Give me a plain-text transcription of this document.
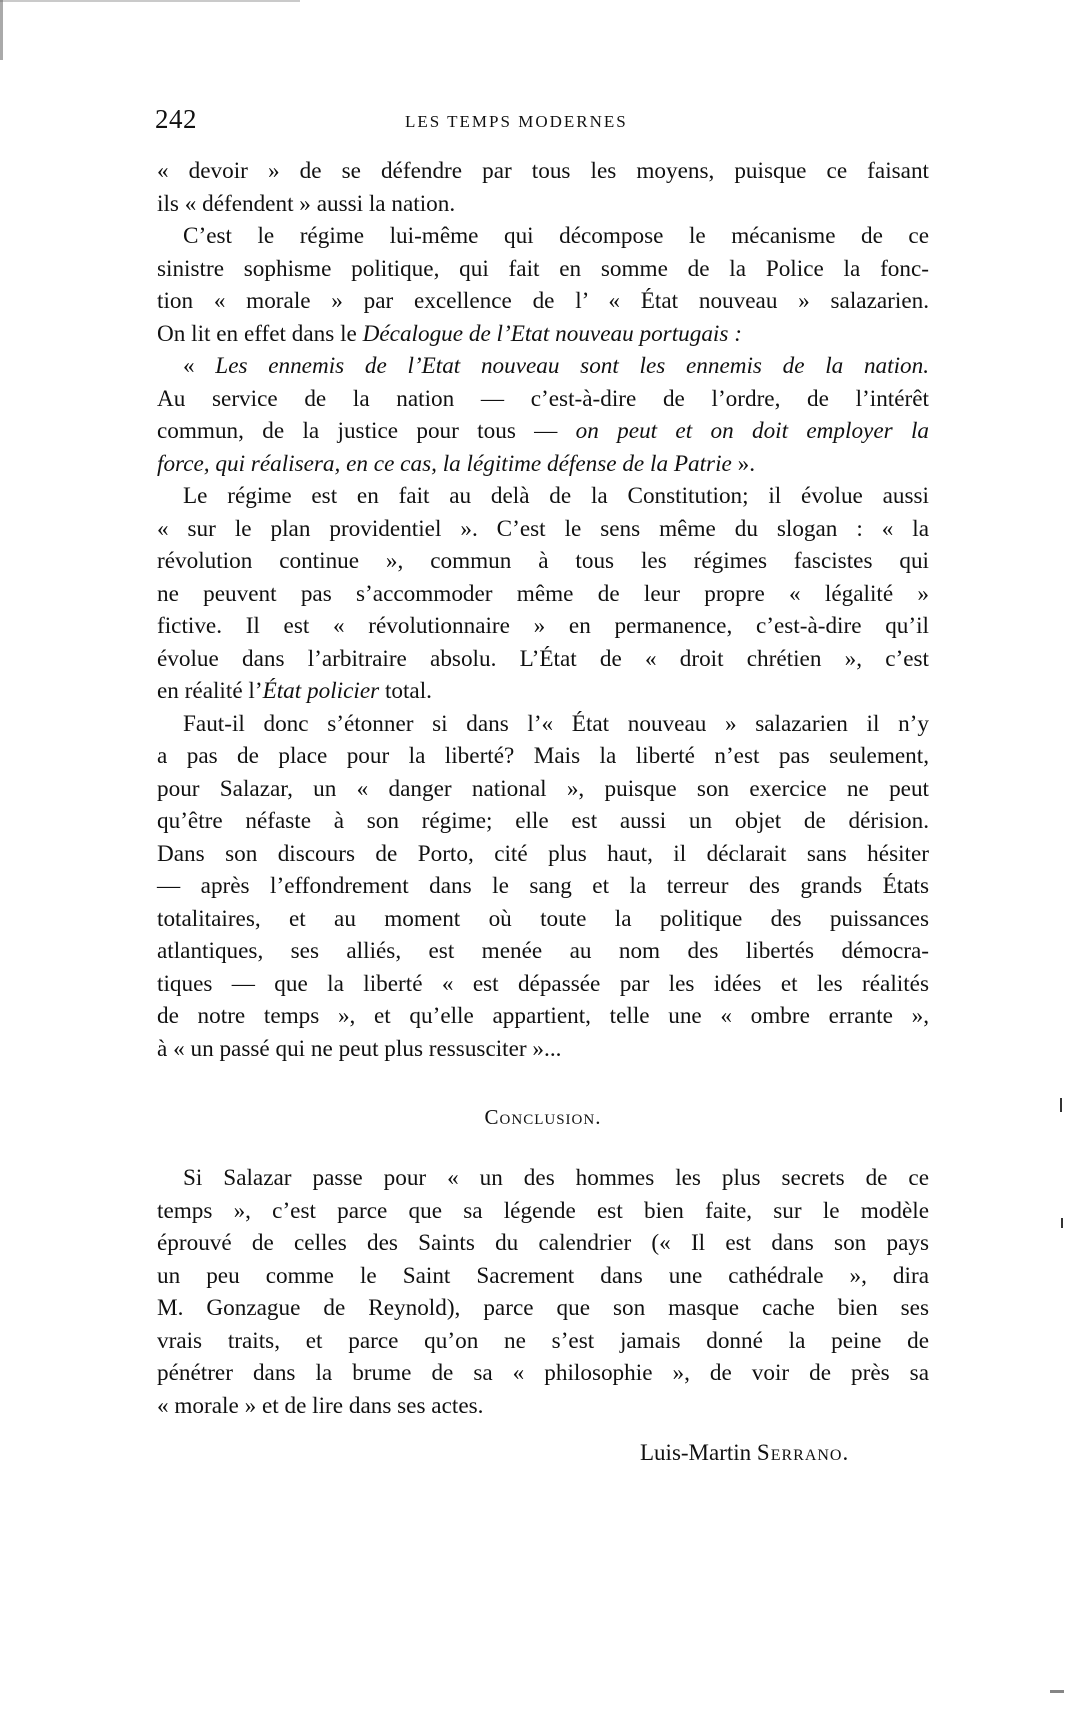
242	LES TEMPS MODERNES

« devoir » de se défendre par tous les moyens, puisque ce faisant

ils « défendent » aussi la nation.

C’est le régime lui-même qui décompose le mécanisme de ce

sinistre sophisme politique, qui fait en somme de la Police la fonc-

tion « morale » par excellence de l’ « État nouveau » salazarien.

On lit en effet dans le Décalogue de l’Etat nouveau portugais :

« Les ennemis de l’Etat nouveau sont les ennemis de la nation.

Au service de la nation — c’est-à-dire de l’ordre, de l’intérêt

commun, de la justice pour tous — on peut et on doit employer la

force, qui réalisera, en ce cas, la légitime défense de la Patrie ».

Le régime est en fait au delà de la Constitution; il évolue aussi

« sur le plan providentiel ». C’est le sens même du slogan : « la

révolution continue », commun à tous les régimes fascistes qui

ne peuvent pas s’accommoder même de leur propre « légalité »

fictive. Il est « révolutionnaire » en permanence, c’est-à-dire qu’il

évolue dans l’arbitraire absolu. L’État de « droit chrétien », c’est

en réalité l’État policier total.

Faut-il donc s’étonner si dans l’« État nouveau » salazarien il n’y

a pas de place pour la liberté? Mais la liberté n’est pas seulement,

pour Salazar, un « danger national », puisque son exercice ne peut

qu’être néfaste à son régime; elle est aussi un objet de dérision.

Dans son discours de Porto, cité plus haut, il déclarait sans hésiter

— après l’effondrement dans le sang et la terreur des grands États

totalitaires, et au moment où toute la politique des puissances

atlantiques, ses alliés, est menée au nom des libertés démocra-

tiques — que la liberté « est dépassée par les idées et les réalités

de notre temps », et qu’elle appartient, telle une « ombre errante »,

à « un passé qui ne peut plus ressusciter »...

Conclusion.

Si Salazar passe pour « un des hommes les plus secrets de ce

temps », c’est parce que sa légende est bien faite, sur le modèle

éprouvé de celles des Saints du calendrier (« Il est dans son pays

un peu comme le Saint Sacrement dans une cathédrale », dira

M. Gonzague de Reynold), parce que son masque cache bien ses

vrais traits, et parce qu’on ne s’est jamais donné la peine de

pénétrer dans la brume de sa « philosophie », de voir de près sa

« morale » et de lire dans ses actes.

Luis-Martin Serrano.
